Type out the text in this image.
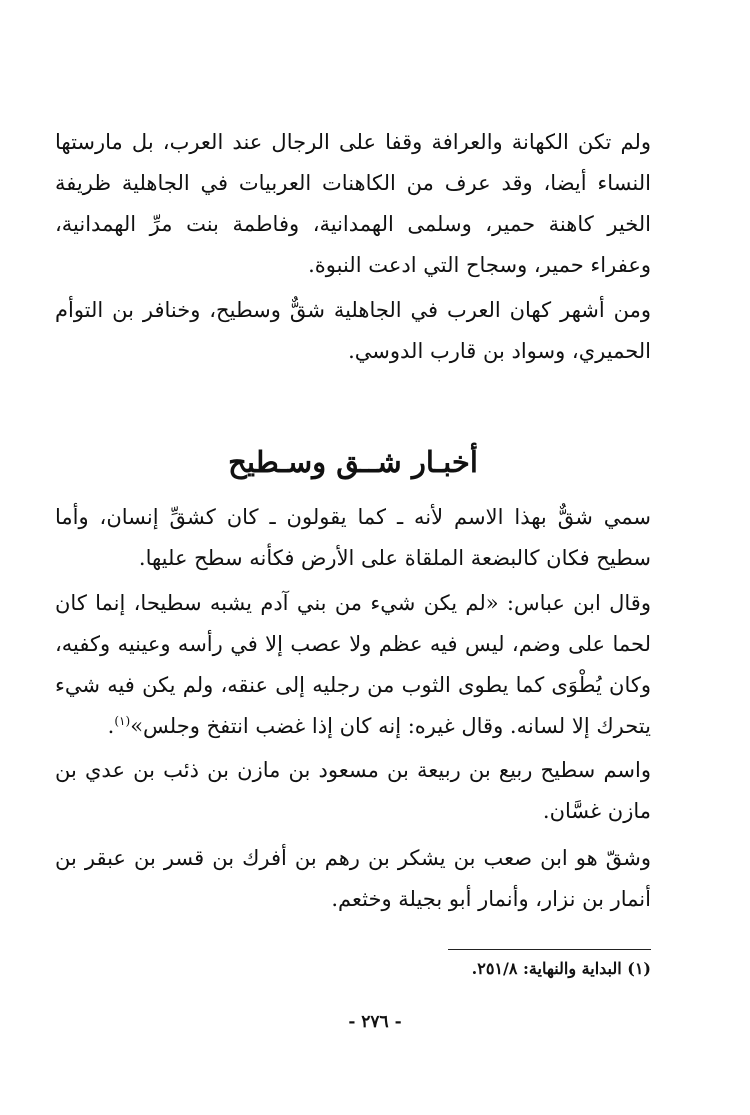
ولم تكن الكهانة والعرافة وقفا على الرجال عند العرب، بل مارستها النساء أيضا، وقد عرف من الكاهنات العربيات في الجاهلية ظريفة الخير كاهنة حمير، وسلمى الهمدانية، وفاطمة بنت مرِّ الهمدانية، وعفراء حمير، وسجاح التي ادعت النبوة.

ومن أشهر كهان العرب في الجاهلية شقٌّ وسطيح، وخنافر بن التوأم الحميري، وسواد بن قارب الدوسي.

أخبـار شــق وسـطيح

سمي شقٌّ بهذا الاسم لأنه ـ كما يقولون ـ كان كشقِّ إنسان، وأما سطيح فكان كالبضعة الملقاة على الأرض فكأنه سطح عليها.

وقال ابن عباس: «لم يكن شيء من بني آدم يشبه سطيحا، إنما كان لحما على وضم، ليس فيه عظم ولا عصب إلا في رأسه وعينيه وكفيه، وكان يُطْوَى كما يطوى الثوب من رجليه إلى عنقه، ولم يكن فيه شيء يتحرك إلا لسانه. وقال غيره: إنه كان إذا غضب انتفخ وجلس»$^{(١)}$.

واسم سطيح ربيع بن ربيعة بن مسعود بن مازن بن ذئب بن عدي بن مازن غسَّان.

وشقّ هو ابن صعب بن يشكر بن رهم بن أفرك بن قسر بن عبقر بن أنمار بن نزار، وأنمار أبو بجيلة وخثعم.

(١) البداية والنهاية: ٢٥١/٨.

- ٢٧٦ -
